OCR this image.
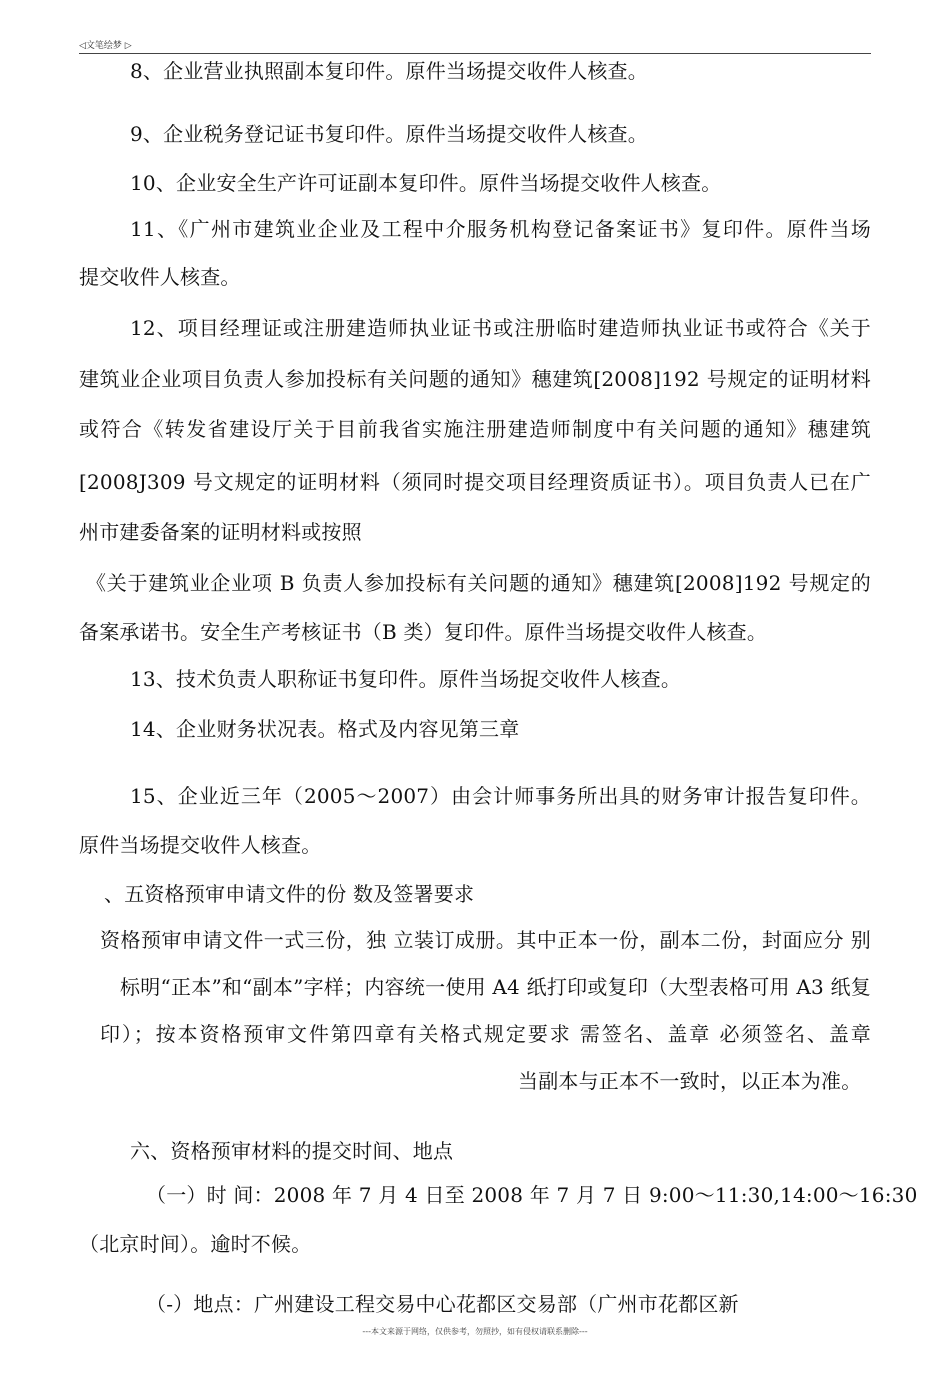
◁文笔绘梦 ▷
8、企业营业执照副本复印件。原件当场提交收件人核查。
9、企业税务登记证书复印件。原件当场提交收件人核查。
10、企业安全生产许可证副本复印件。原件当场提交收件人核查。
11、《广州市建筑业企业及工程中介服务机构登记备案证书》复印件。原件当场
提交收件人核查。
12、项目经理证或注册建造师执业证书或注册临时建造师执业证书或符合《关于
建筑业企业项目负责人参加投标有关问题的通知》穗建筑[2008]192 号规定的证明材料
或符合《转发省建设厅关于目前我省实施注册建造师制度中有关问题的通知》穗建筑
[2008J309 号文规定的证明材料（须同时提交项目经理资质证书）。项目负责人已在广
州市建委备案的证明材料或按照
《关于建筑业企业项 B 负责人参加投标有关问题的通知》穗建筑[2008]192 号规定的
备案承诺书。安全生产考核证书（B 类）复印件。原件当场提交收件人核查。
13、技术负责人职称证书复印件。原件当场捉交收件人核查。
14、企业财务状况表。格式及内容见第三章
15、企业近三年（2005〜2007）由会计师事务所出具的财务审计报告复印件。
原件当场提交收件人核查。
、五资格预审申请文件的份 数及签署要求
资格预审申请文件一式三份，独 立装订成册。其中正本一份，副本二份，封面应分 别
标明“正本”和“副本”字样；内容统一使用 A4 纸打印或复印（大型表格可用 A3 纸复
印）；按本资格预审文件第四章有关格式规定要求 需签名、盖章 必须签名、盖章
当副本与正本不一致时，以正本为准。
六、资格预审材料的提交时间、地点
（一）时 间：2008 年 7 月 4 日至 2008 年 7 月 7 日 9:00〜11:30,14:00〜16:30
（北京时间）。逾时不候。
（-）地点：广州建设工程交易中心花都区交易部（广州市花都区新
---本文来源于网络，仅供参考，勿照抄，如有侵权请联系删除---
